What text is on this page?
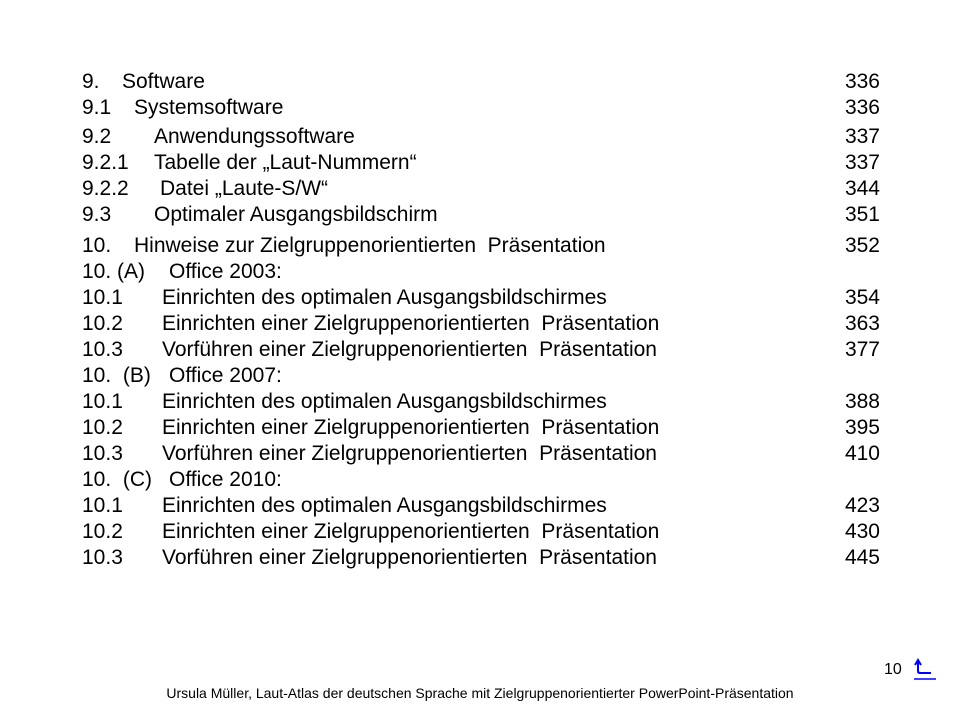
9. Software	336
9.1 Systemsoftware	336
9.2 Anwendungssoftware	337
9.2.1 Tabelle der „Laut-Nummern“	337
9.2.2 Datei „Laute-S/W“	344
9.3 Optimaler Ausgangsbildschirm	351
10. Hinweise zur Zielgruppenorientierten  Präsentation	352
10. (A) Office 2003:
10.1 Einrichten des optimalen Ausgangsbildschirmes	354
10.2 Einrichten einer Zielgruppenorientierten  Präsentation	363
10.3 Vorführen einer Zielgruppenorientierten  Präsentation	377
10.  (B) Office 2007:
10.1 Einrichten des optimalen Ausgangsbildschirmes	388
10.2 Einrichten einer Zielgruppenorientierten  Präsentation	395
10.3 Vorführen einer Zielgruppenorientierten  Präsentation	410
10.  (C) Office 2010:
10.1 Einrichten des optimalen Ausgangsbildschirmes	423
10.2 Einrichten einer Zielgruppenorientierten  Präsentation	430
10.3 Vorführen einer Zielgruppenorientierten  Präsentation	445
10
Ursula Müller, Laut-Atlas der deutschen Sprache mit Zielgruppenorientierter PowerPoint-Präsentation
